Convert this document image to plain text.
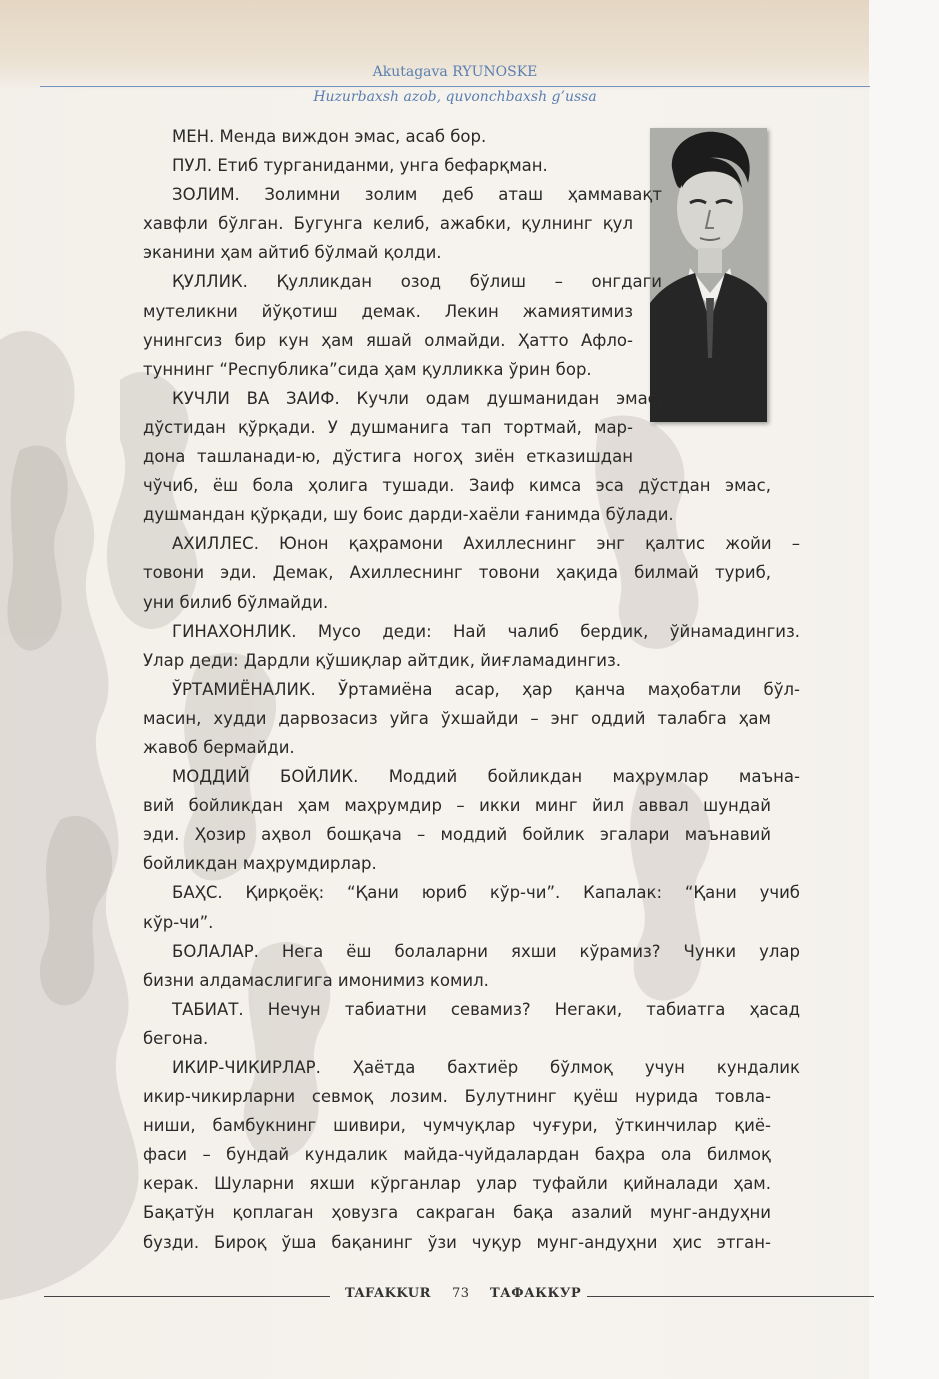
Akutagava RYUNOSKE
Huzurbaxsh azob, quvonchbaxsh g’ussa
МЕН. Менда виждон эмас, асаб бор.
ПУЛ. Етиб турганиданми, унга бефарқман.
ЗОЛИМ. Золимни золим деб аташ ҳаммавақт
хавфли бўлган. Бугунга келиб, ажабки, қулнинг қул
эканини ҳам айтиб бўлмай қолди.
ҚУЛЛИК. Қулликдан озод бўлиш – онгдаги
мутеликни йўқотиш демак. Лекин жамиятимиз
унингсиз бир кун ҳам яшай олмайди. Ҳатто Афло-
туннинг “Республика”сида ҳам қулликка ўрин бор.
КУЧЛИ ВА ЗАИФ. Кучли одам душманидан эмас,
дўстидан қўрқади. У душманига тап тортмай, мар-
дона ташланади-ю, дўстига ногоҳ зиён етказишдан
чўчиб, ёш бола ҳолига тушади. Заиф кимса эса дўстдан эмас,
душмандан қўрқади, шу боис дарди-хаёли ғанимда бўлади.
АХИЛЛЕС. Юнон қаҳрамони Ахиллеснинг энг қалтис жойи –
товони эди. Демак, Ахиллеснинг товони ҳақида билмай туриб,
уни билиб бўлмайди.
ГИНАХОНЛИК. Мусо деди: Най чалиб бердик, ўйнамадингиз.
Улар деди: Дардли қўшиқлар айтдик, йиғламадингиз.
ЎРТАМИЁНАЛИК. Ўртамиёна асар, ҳар қанча маҳобатли бўл-
масин, худди дарвозасиз уйга ўхшайди – энг оддий талабга ҳам
жавоб бермайди.
МОДДИЙ БОЙЛИК. Моддий бойликдан маҳрумлар маъна-
вий бойликдан ҳам маҳрумдир – икки минг йил аввал шундай
эди. Ҳозир аҳвол бошқача – моддий бойлик эгалари маънавий
бойликдан маҳрумдирлар.
БАҲС. Қирқоёқ: “Қани юриб кўр-чи”. Капалак: “Қани учиб
кўр-чи”.
БОЛАЛАР. Нега ёш болаларни яхши кўрамиз? Чунки улар
бизни алдамаслигига имонимиз комил.
ТАБИАТ. Нечун табиатни севамиз? Негаки, табиатга ҳасад
бегона.
ИКИР-ЧИКИРЛАР. Ҳаётда бахтиёр бўлмоқ учун кундалик
икир-чикирларни севмоқ лозим. Булутнинг қуёш нурида товла-
ниши, бамбукнинг шивири, чумчуқлар чуғури, ўткинчилар қиё-
фаси – бундай кундалик майда-чуйдалардан баҳра ола билмоқ
керак. Шуларни яхши кўрганлар улар туфайли қийналади ҳам.
Бақатўн қоплаган ҳовузга сакраган бақа азалий мунг-андуҳни
бузди. Бироқ ўша бақанинг ўзи чуқур мунг-андуҳни ҳис этган-
TAFAKKUR 73 ТАФАККУР
